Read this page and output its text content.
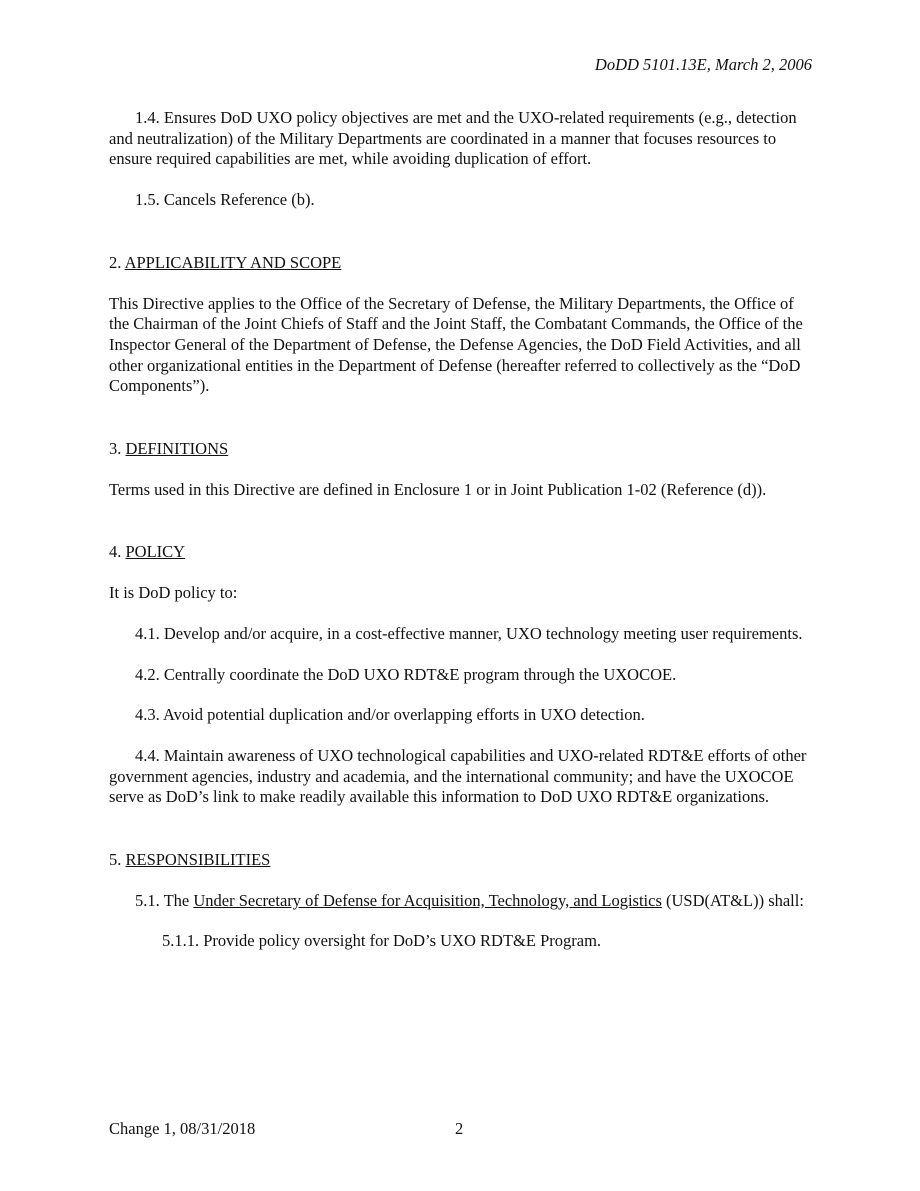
DoDD 5101.13E, March 2, 2006

1.4. Ensures DoD UXO policy objectives are met and the UXO-related requirements (e.g., detection and neutralization) of the Military Departments are coordinated in a manner that focuses resources to ensure required capabilities are met, while avoiding duplication of effort.

1.5. Cancels Reference (b).

2. APPLICABILITY AND SCOPE

This Directive applies to the Office of the Secretary of Defense, the Military Departments, the Office of the Chairman of the Joint Chiefs of Staff and the Joint Staff, the Combatant Commands, the Office of the Inspector General of the Department of Defense, the Defense Agencies, the DoD Field Activities, and all other organizational entities in the Department of Defense (hereafter referred to collectively as the “DoD Components”).

3. DEFINITIONS

Terms used in this Directive are defined in Enclosure 1 or in Joint Publication 1-02 (Reference (d)).

4. POLICY

It is DoD policy to:

4.1. Develop and/or acquire, in a cost-effective manner, UXO technology meeting user requirements.

4.2. Centrally coordinate the DoD UXO RDT&E program through the UXOCOE.

4.3. Avoid potential duplication and/or overlapping efforts in UXO detection.

4.4. Maintain awareness of UXO technological capabilities and UXO-related RDT&E efforts of other government agencies, industry and academia, and the international community; and have the UXOCOE serve as DoD’s link to make readily available this information to DoD UXO RDT&E organizations.

5. RESPONSIBILITIES

5.1. The Under Secretary of Defense for Acquisition, Technology, and Logistics (USD(AT&L)) shall:

5.1.1. Provide policy oversight for DoD’s UXO RDT&E Program.

Change 1, 08/31/2018	2
